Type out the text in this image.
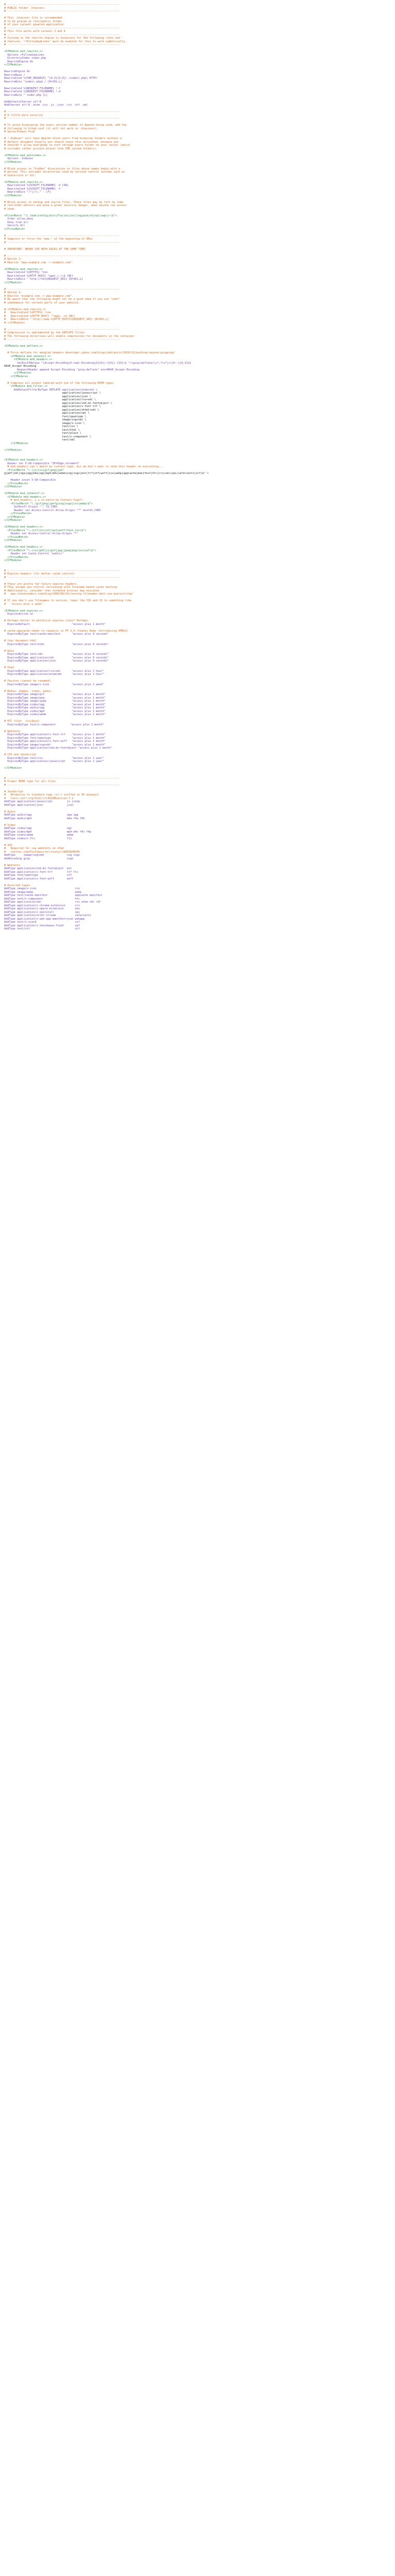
# ----------------------------------------------------------------------
# PUBLIC folder .htaccess
# ----------------------------------------------------------------------
# This .htaccess file is recommended
# to be placed at root/public folder
# of your Laravel powered application
# ----------------------------------------------------------------------
# This file works with Laravel 3 and 4
# ----------------------------------------------------------------------
# Turning on the rewrite engine is necessary for the following rules and
# features. "+FollowSymLinks" must be enabled for this to work symbolically.
# ----------------------------------------------------------------------
<IfModule mod_rewrite.c>
Options +FollowSymLinks
DirectoryIndex index.php
RewriteEngine On
</IfModule>
RewriteEngine On
RewriteBase /
RewriteCond %{THE_REQUEST} ^[A-Z]{3,9}\ /index\.php\ HTTP/
RewriteRule ^index\.php$ / [R=301,L]
RewriteCond %{REQUEST_FILENAME} !-f
RewriteCond %{REQUEST_FILENAME} !-d
RewriteRule ^ index.php [L]
AddDefaultCharset utf-8
AddCharset utf-8 .atom .css .js .json .rss .vtt .xml
# ----------------------------------------------------------------------
# A little more security
# ----------------------------------------------------------------------
# To avoid displaying the exact version number of Apache being used, add the
# following to httpd.conf (it will not work in .htaccess):
# ServerTokens Prod
# "-Indexes" will have Apache block users from browsing folders without a
# default document Usually you should leave this activated, because you
# shouldn't allow everybody to surf through every folder on your server (which
# includes rather private places like CMS system folders).
<IfModule mod_autoindex.c>
Options -Indexes
</IfModule>
# Block access to "hidden" directories or files whose names begin with a
# period. This includes directories used by version control systems such as
# Subversion or Git.
<IfModule mod_rewrite.c>
RewriteCond %{SCRIPT_FILENAME} -d [OR]
RewriteCond %{SCRIPT_FILENAME} -f
RewriteRule "(^|/)\." - [F]
</IfModule>
# Block access to backup and source files. These files may be left by some
# text/html editors and pose a great security danger, when anyone can access
# them.
<FilesMatch "(\.(bak|config|dist|fla|inc|ini|log|psd|sh|sql|swp)|~)$">
Order allow,deny
Deny from all
Satisfy All
</FilesMatch>
# ----------------------------------------------------------------------
# Suppress or force the "www." at the beginning of URLs
# ----------------------------------------------------------------------
# IMPORTANT: NEVER USE BOTH RULES AT THE SAME TIME!
# ----------------------------------------------------------------------
# Option 1:
# Rewrite "www.example.com -> example.com".
<IfModule mod_rewrite.c>
RewriteCond %{HTTPS} !=on
RewriteCond %{HTTP_HOST} ^www\.(.+)$ [NC]
RewriteRule ^ http://%1%{REQUEST_URI} [R=301,L]
</IfModule>
# ----------------------------------------------------------------------
# Option 2:
# Rewrite "example.com -> www.example.com".
# Be aware that the following might not be a good idea if you use "real"
# subdomains for certain parts of your website.
# <IfModule mod_rewrite.c>
#   RewriteCond %{HTTPS} !=on
#   RewriteCond %{HTTP_HOST} !^www\..+$ [NC]
#   RewriteRule ^ http://www.%{HTTP_HOST}%{REQUEST_URI} [R=301,L]
# </IfModule>
# ----------------------------------------------------------------------
# Compression is implemented by the DEFLATE filter.
# The following directives will enable compression for documents in the container
# ----------------------------------------------------------------------
<IfModule mod_deflate.c>
# Force deflate for mangled headers developer.yahoo.com/blogs/ydn/posts/2010/12/pushing-beyond-gzipping/
<IfModule mod_setenvif.c>
<IfModule mod_headers.c>
SetEnvIfNoCase ^(Accept-EncodXng|X-cept-Encoding|X{15}|~{15}|-{15})$ ^((gzip|deflate)\s*,?\s*)+|[X~-]{4,13}$
HAVE_Accept-Encoding
RequestHeader append Accept-Encoding "gzip,deflate" env=HAVE_Accept-Encoding
</IfModule>
</IfModule>
# Compress all output labeled with one of the following MIME-types
<IfModule mod_filter.c>
AddOutputFilterByType DEFLATE application/atom+xml \
application/javascript \
application/json \
application/rss+xml \
application/vnd.ms-fontobject \
application/x-font-ttf \
application/xhtml+xml \
application/xml \
font/opentype \
image/svg+xml \
image/x-icon \
text/css \
text/html \
text/plain \
text/x-component \
text/xml
</IfModule>
</IfModule>
<IfModule mod_headers.c>
Header set X-UA-Compatible "IE=Edge,chrome=1"
# mod_headers can't match by content-type, but we don't want to send this header on everything...
<FilesMatch "\.(js|css|gif|png|jpe?
g|pdf|xml|oga|ogg|m4a|ogv|mp4|m4v|webm|svg|svgz|eot|ttf|otf|woff|ico|webp|appcache|manifest|htc|crx|oex|xpi|safariextz|vcf)$" >
Header unset X-UA-Compatible
</FilesMatch>
</IfModule>
<IfModule mod_setenvif.c>
<IfModule mod_headers.c>
# mod_headers, y u no match by Content-Type?!
<FilesMatch "\.(gif|png|jpe?g|svg|svgz|ico|webp)$">
SetEnvIf Origin ":" IS_CORS
Header set Access-Control-Allow-Origin "*" env=IS_CORS
</FilesMatch>
</IfModule>
</IfModule>
<IfModule mod_headers.c>
<FilesMatch "\.(ttf|ttc|otf|eot|woff|font.css)$">
Header set Access-Control-Allow-Origin "*"
</FilesMatch>
</IfModule>
<IfModule mod_headers.c>
<FilesMatch "\.(css|pdf|js|gif|jpg|jpeg|png|ico|swf)$">
Header set Cache-Control "public"
</FilesMatch>
</IfModule>
# ----------------------------------------------------------------------
# Expires headers (for better cache control)
# ----------------------------------------------------------------------
# These are pretty far-future expires headers.
# They assume you control versioning with filename-based cache busting
# Additionally, consider that outdated proxies may miscache
#   www.stevesouders.com/blog/2008/08/23/revving-filenames-dont-use-querystring/
# If you don't use filenames to version, lower the CSS and JS to something like
#   "access plus 1 week".
<IfModule mod_expires.c>
ExpiresActive on
# Perhaps better to whitelist expires rules? Perhaps.
ExpiresDefault                          "access plus 1 month"
# cache.appcache needs re-requests in FF 3.6 (thanks Remy ~Introducing HTML5)
ExpiresByType text/cache-manifest       "access plus 0 seconds"
# Your document html
ExpiresByType text/html                 "access plus 0 seconds"
# Data
ExpiresByType text/xml                  "access plus 0 seconds"
ExpiresByType application/xml           "access plus 0 seconds"
ExpiresByType application/json          "access plus 0 seconds"
# Feed
ExpiresByType application/rss+xml       "access plus 1 hour"
ExpiresByType application/atom+xml      "access plus 1 hour"
# Favicon (cannot be renamed)
ExpiresByType image/x-icon              "access plus 1 week"
# Media: images, video, audio
ExpiresByType image/gif                 "access plus 1 month"
ExpiresByType image/png                 "access plus 1 month"
ExpiresByType image/jpeg                "access plus 1 month"
ExpiresByType video/ogg                 "access plus 1 month"
ExpiresByType audio/ogg                 "access plus 1 month"
ExpiresByType video/mp4                 "access plus 1 month"
ExpiresByType video/webm                "access plus 1 month"
# HTC files  (css3pie)
ExpiresByType text/x-component         "access plus 1 month"
# Webfonts
ExpiresByType application/x-font-ttf    "access plus 1 month"
ExpiresByType font/opentype             "access plus 1 month"
ExpiresByType application/x-font-woff   "access plus 1 month"
ExpiresByType image/svg+xml             "access plus 1 month"
ExpiresByType application/vnd.ms-fontobject "access plus 1 month"
# CSS and JavaScript
ExpiresByType text/css                  "access plus 1 year"
ExpiresByType application/javascript    "access plus 1 year"
</IfModule>
# ----------------------------------------------------------------------
# Proper MIME type for all files
# ----------------------------------------------------------------------
# JavaScript
#   Normalize to standard type (it's sniffed in IE anyways)
#   tools.ietf.org/html/rfc4329#section-7.2
AddType application/javascript         js jsonp
AddType application/json               json
# Audio
AddType audio/ogg                      oga ogg
AddType audio/mp4                      m4a f4a f4b
# Video
AddType video/ogg                      ogv
AddType video/mp4                      mp4 m4v f4v f4p
AddType video/webm                     webm
AddType video/x-flv                    flv
# SVG
#   Required for svg webfonts on iPad
#   twitter.com/FontSquirrel/status/14855840545
AddType     image/svg+xml              svg svgz
AddEncoding gzip                       svgz
# Webfonts
AddType application/vnd.ms-fontobject  eot
AddType application/x-font-ttf         ttf ttc
AddType font/opentype                  otf
AddType application/x-font-woff        woff
# Assorted types
AddType image/x-icon                        ico
AddType image/webp                          webp
AddType text/cache-manifest                 appcache manifest
AddType text/x-component                    htc
AddType application/xml                     rss atom xml rdf
AddType application/x-chrome-extension      crx
AddType application/x-opera-extension       oex
AddType application/x-xpinstall             xpi
AddType application/octet-stream            safariextz
AddType application/x-web-app-manifest+json webapp
AddType text/x-vcard                        vcf
AddType application/x-shockwave-flash       swf
AddType text/vtt                            vtt
